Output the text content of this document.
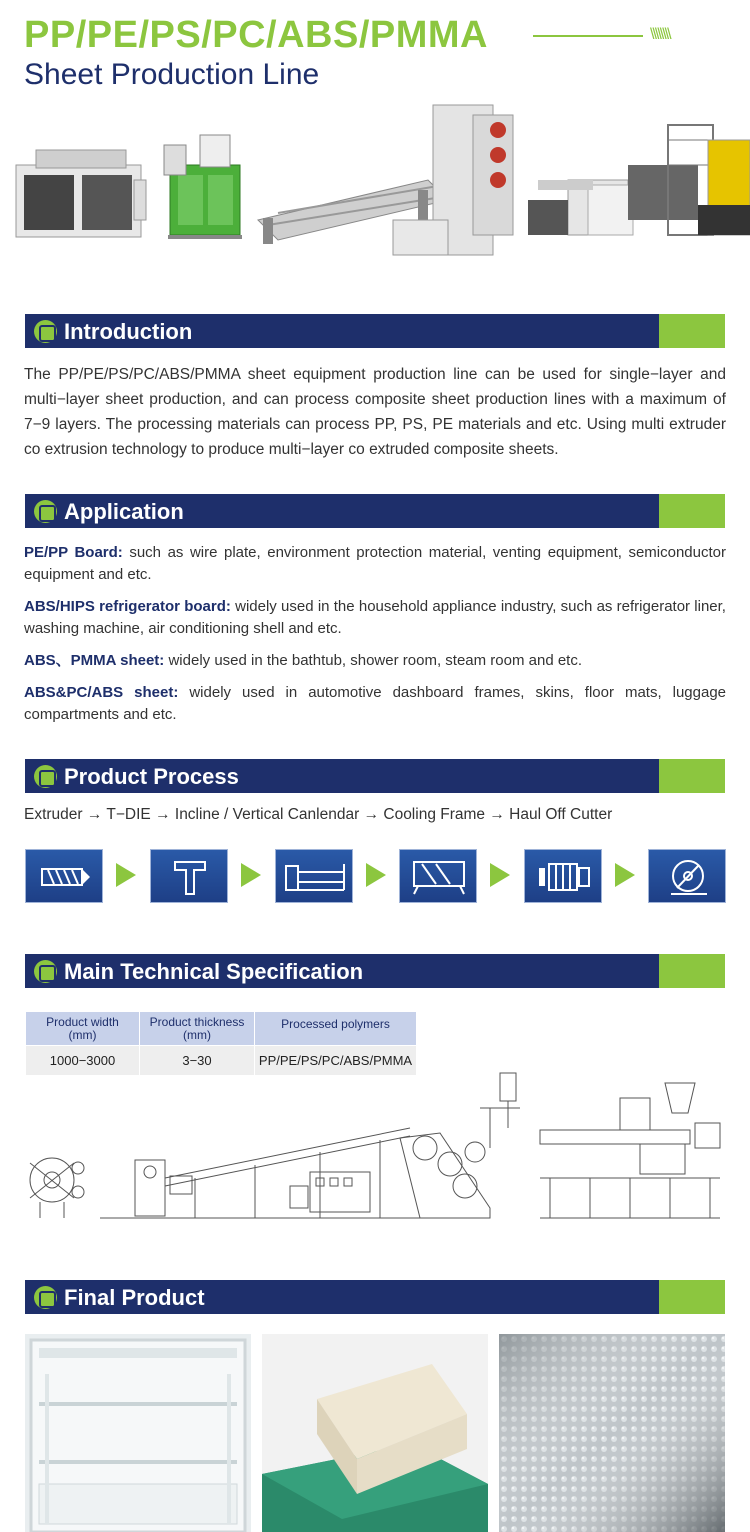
PP/PE/PS/PC/ABS/PMMA
Sheet Production Line
\\\\\\\\
Introduction
The PP/PE/PS/PC/ABS/PMMA sheet equipment production line can be used for single−layer and multi−layer sheet production, and can process composite sheet production lines with a maximum of 7−9 layers. The processing materials can process PP, PS, PE materials and etc. Using multi extruder co extrusion technology to produce multi−layer co extruded composite sheets.
Application
PE/PP Board: such as wire plate, environment protection material, venting equipment, semiconductor equipment and etc.
ABS/HIPS refrigerator board: widely used in the household appliance industry, such as refrigerator liner, washing machine, air conditioning shell and etc.
ABS、PMMA sheet: widely used in the bathtub, shower room, steam room and etc.
ABS&PC/ABS sheet: widely used in automotive dashboard frames, skins, floor mats, luggage compartments and etc.
Product Process
Extruder → T−DIE → Incline / Vertical Canlendar → Cooling Frame → Haul Off Cutter
Main Technical Specification
Product width
(mm)	Product thickness
(mm)	Processed polymers
1000−3000	3−30	PP/PE/PS/PC/ABS/PMMA
Final Product
